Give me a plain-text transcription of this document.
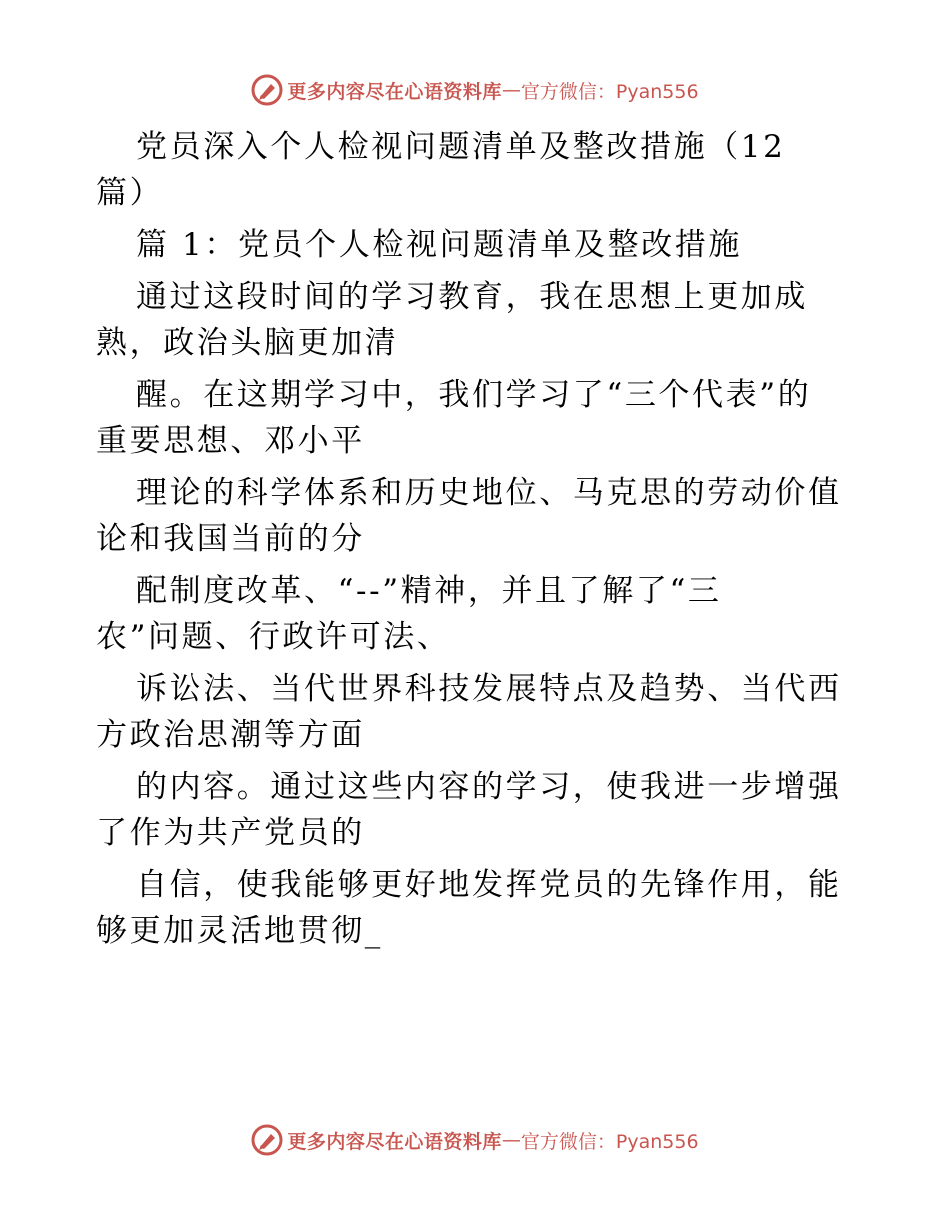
更多内容尽在心语资料库 — 官方微信：Pyan556

党员深入个人检视问题清单及整改措施（12
篇）

篇 1：党员个人检视问题清单及整改措施

通过这段时间的学习教育，我在思想上更加成
熟，政治头脑更加清

醒。在这期学习中，我们学习了“三个代表”的
重要思想、邓小平

理论的科学体系和历史地位、马克思的劳动价值
论和我国当前的分

配制度改革、“--”精神，并且了解了“三
农”问题、行政许可法、

诉讼法、当代世界科技发展特点及趋势、当代西
方政治思潮等方面

的内容。通过这些内容的学习，使我进一步增强
了作为共产党员的

自信，使我能够更好地发挥党员的先锋作用，能
够更加灵活地贯彻_

更多内容尽在心语资料库 — 官方微信：Pyan556
